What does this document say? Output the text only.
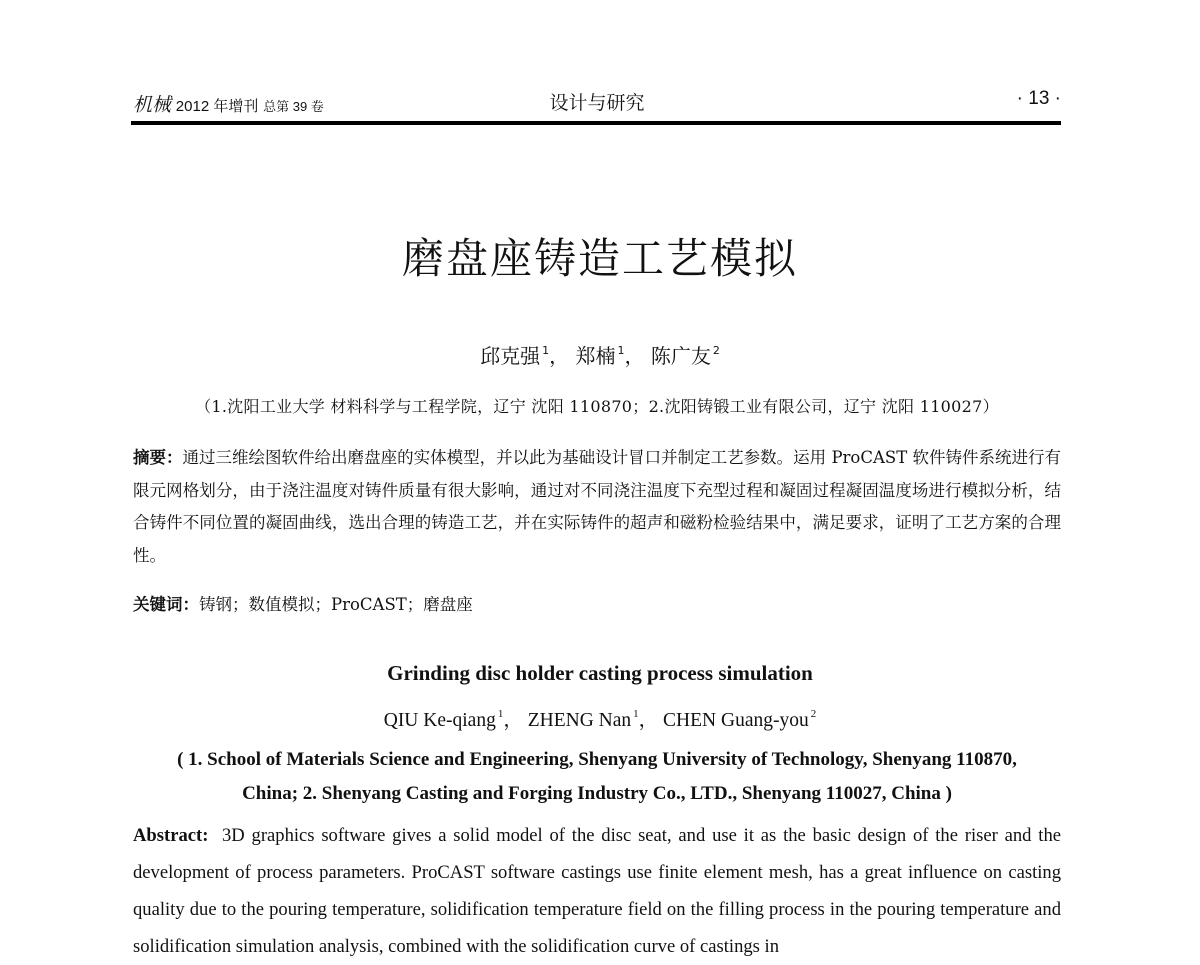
机械 2012 年增刊 总第 39 卷	设计与研究	· 13 ·
磨盘座铸造工艺模拟
邱克强 $^1$， 郑楠 $^1$， 陈广友 $^2$
（1.沈阳工业大学 材料科学与工程学院，辽宁 沈阳 110870；2.沈阳铸锻工业有限公司，辽宁 沈阳 110027）
摘要：通过三维绘图软件给出磨盘座的实体模型，并以此为基础设计冒口并制定工艺参数。运用 ProCAST 软件铸件系统进行有限元网格划分，由于浇注温度对铸件质量有很大影响，通过对不同浇注温度下充型过程和凝固过程凝固温度场进行模拟分析，结合铸件不同位置的凝固曲线，选出合理的铸造工艺，并在实际铸件的超声和磁粉检验结果中，满足要求，证明了工艺方案的合理性。
关键词：铸钢；数值模拟；ProCAST；磨盘座
Grinding disc holder casting process simulation
QIU Ke-qiang $^1$， ZHENG Nan $^1$， CHEN Guang-you $^2$
( 1. School of Materials Science and Engineering, Shenyang University of Technology, Shenyang 110870,
China; 2. Shenyang Casting and Forging Industry Co., LTD., Shenyang 110027, China )
Abstract: 3D graphics software gives a solid model of the disc seat, and use it as the basic design of the riser and the development of process parameters. ProCAST software castings use finite element mesh, has a great influence on casting quality due to the pouring temperature, solidification temperature field on the filling process in the pouring temperature and solidification simulation analysis, combined with the solidification curve of castings in
